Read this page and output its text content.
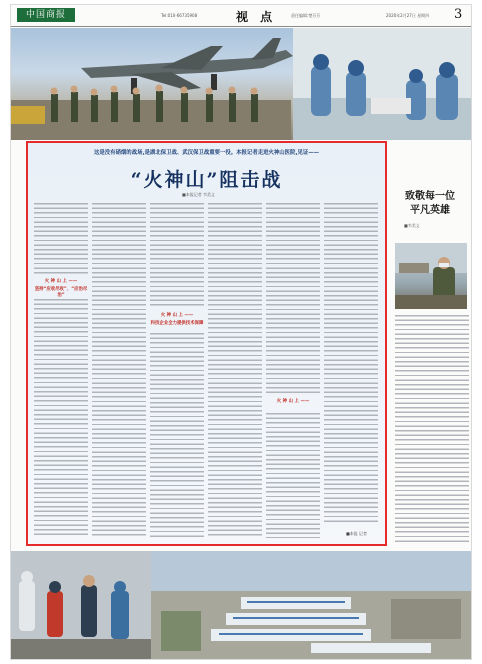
中国商报	Tel:010-66735908	视 点	责任编辑:楚芬芬	2020年2月27日 星期四 3
致敬每一位
平凡英雄
■韦美义
这是没有硝烟的战场,是湖北保卫战、武汉保卫战重要一役。本报记者走进火神山医院,见证——
“火神山”阻击战
■本报记者 韦美义
火 神 山 上 ——
坚持“应收尽收”、“应治尽治”
火 神 山 上 ——
科技企业全力提供技术保障
火 神 山 上 ——
■本报 记者
